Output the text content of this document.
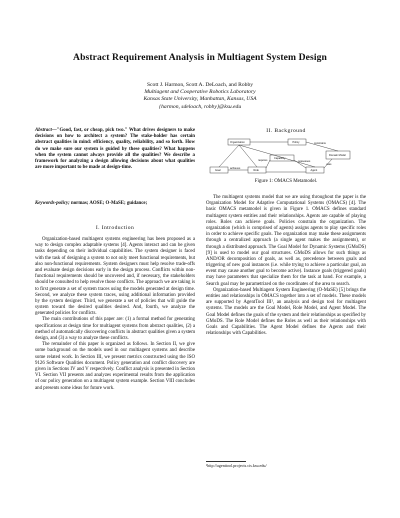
Abstract Requirement Analysis in Multiagent System Design
Scott J. Harmon, Scott A. DeLoach, and Robby
Multiagent and Cooperative Robotics Laboratory
Kansas State University, Manhattan, Kansas, USA
{harmon, sdeloach, robby}@ksu.edu
Abstract—"Good, fast, or cheap, pick two." What drives designers to make decisions on how to architect a system? The stake-holder has certain abstract qualities in mind: efficiency, quality, reliability, and so forth. How do we make sure our system is guided by these qualities? What happens when the system cannot always provide all the qualities? We describe a framework for analyzing a design allowing decisions about what qualities are more important to be made at design-time.
Keywords-policy; normas; AOSE; O-MaSE; guidance;
I. Introduction

Organization-based multiagent systems engineering has been proposed as a way to design complex adaptable systems [4]. Agents interact and can be given tasks depending on their individual capabilities. The system designer is faced with the task of designing a system to not only meet functional requirements, but also non-functional requirements. System designers must help resolve trade-offs and evaluate design decisions early in the design process. Conflicts within non-functional requirements should be uncovered and, if necessary, the stakeholders should be consulted to help resolve those conflicts. The approach we are taking is to first generate a set of system traces using the models generated at design time. Second, we analyze these system traces, using additional information provided by the system designer. Third, we generate a set of policies that will guide the system toward the desired qualities desired. And, fourth, we analyze the generated policies for conflicts.

The main contributions of this paper are: (1) a formal method for generating specifications at design time for multiagent systems from abstract qualities, (2) a method of automatically discovering conflicts in abstract qualities given a system design, and (3) a way to analyze these conflicts.

The remainder of this paper is organized as follows. In Section II, we give some background on the models used in our multiagent systems and describe some related work. In Section III, we present metrics constructed using the ISO 9126 Software Qualities document. Policy generation and conflict discovery are given in Sections IV and V respectively. Conflict analysis is presented in Section VI. Section VII presents and analyzes experimental results from the application of our policy generation on a multiagent system example. Section VIII concludes and presents some ideas for future work.

II. Background
Organization
Goal	Role
Capability
Agent
Policy
Domain Model
achieves
requires	possesses
constrains
uses
Figure 1: OMACS Metamodel.

The multiagent systems model that we are using throughout the paper is the Organization Model for Adaptive Computational Systems (OMACS) [4]. The basic OMACS metamodel is given in Figure 1. OMACS defines standard multiagent system entities and their relationships. Agents are capable of playing roles. Roles can achieve goals. Policies constrain the organization. The organization (which is comprised of agents) assigns agents to play specific roles in order to achieve specific goals. The organization may make these assignments through a centralized approach (a single agent makes the assignments), or through a distributed approach. The Goal Model for Dynamic Systems (GMoDS) [9] is used to model our goal structures. GMoDS allows for such things as AND/OR decomposition of goals, as well as, precedence between goals and triggering of new goal instances (i.e. while trying to achieve a particular goal, an event may cause another goal to become active). Instance goals (triggered goals) may have parameters that specialize them for the task at hand. For example, a Search goal may be parametrized on the coordinates of the area to search.

Organization-based Multiagent System Engineering (O-MaSE) [5] brings the entities and relationships in OMACS together into a set of models. These models are supported by AgentTool III¹, an analysis and design tool for multiagent systems. The models are the Goal Model, Role Model, and Agent Model. The Goal Model defines the goals of the system and their relationships as specified by GMoDS. The Role Model defines the Roles as well as their relationships with Goals and Capabilities. The Agent Model defines the Agents and their relationships with Capabilities.

¹http://agenttool.projects.cis.ksu.edu/
